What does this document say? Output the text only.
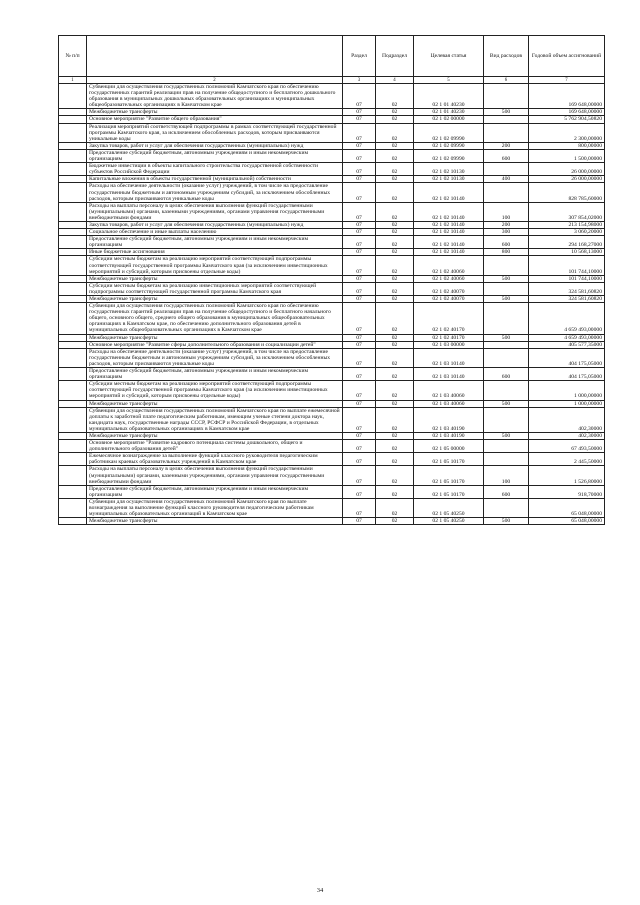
№ п/п		Раздел	Подраздел	Целевая статья	Вид расходов	Годовой объем ассигнований
1	2	3	4	5	6	7
	Субвенции для осуществления государственных полномочий Камчатского края по обеспечению государственных гарантий реализации прав на получение общедоступного и бесплатного дошкольного образования в муниципальных дошкольных образовательных организациях и муниципальных общеобразовательных организациях в Камчатском крае	07	02	02 1 01 40230		169 648,00000
	Межбюджетные трансферты	07	02	02 1 01 40230	500	169 648,00000
	Основное мероприятие "Развитие общего образования"	07	02	02 1 02 00000		5 762 904,50820
	Реализация мероприятий соответствующей подпрограммы в рамках соответствующей государственной программы Камчатского края, за исключением обособленных расходов, которым присваиваются уникальные коды	07	02	02 1 02 09990		2 300,00000
	Закупка товаров, работ и услуг для обеспечения государственных (муниципальных) нужд	07	02	02 1 02 09990	200	800,00000
	Предоставление субсидий бюджетным, автономным учреждениям и иным некоммерческим организациям	07	02	02 1 02 09990	600	1 500,00000
	Бюджетные инвестиции в объекты капитального строительства государственной собственности субъектов Российской Федерации	07	02	02 1 02 10130		26 000,00000
	Капитальные вложения в объекты государственной (муниципальной) собственности	07	02	02 1 02 10130	400	26 000,00000
	Расходы на обеспечение деятельности (оказание услуг) учреждений, в том числе на предоставление государственным бюджетным и автономным учреждениям субсидий, за исключением обособленных расходов, которым присваиваются уникальные коды	07	02	02 1 02 10140		828 785,60000
	Расходы на выплаты персоналу в целях обеспечения выполнения функций государственными (муниципальными) органами, казенными учреждениями, органами управления государственными внебюджетными фондами	07	02	02 1 02 10140	100	307 854,02000
	Закупка товаров, работ и услуг для обеспечения государственных (муниципальных) нужд	07	02	02 1 02 10140	200	213 154,98000
	Социальное обеспечение и иные выплаты населению	07	02	02 1 02 10140	300	3 060,20000
	Предоставление субсидий бюджетным, автономным учреждениям и иным некоммерческим организациям	07	02	02 1 02 10140	600	294 168,27000
	Иные бюджетные ассигнования	07	02	02 1 02 10140	800	10 568,13000
	Субсидии местным бюджетам на реализацию мероприятий соответствующей подпрограммы соответствующей государственной программы Камчатского края (за исключением инвестиционных мероприятий и субсидий, которым присвоены отдельные коды)	07	02	02 1 02 40060		101 744,10000
	Межбюджетные трансферты	07	02	02 1 02 40060	500	101 744,10000
	Субсидии местным бюджетам на реализацию инвестиционных мероприятий соответствующей подпрограммы соответствующей государственной программы Камчатского края	07	02	02 1 02 40070		324 581,60820
	Межбюджетные трансферты	07	02	02 1 02 40070	500	324 581,60820
	Субвенции для осуществления государственных полномочий Камчатского края по обеспечению государственных гарантий реализации прав на получение общедоступного и бесплатного начального общего, основного общего, среднего общего образования в муниципальных общеобразовательных организациях в Камчатском крае, по обеспечению дополнительного образования детей в муниципальных общеобразовательных организациях в Камчатском крае	07	02	02 1 02 40170		4 659 493,00000
	Межбюджетные трансферты	07	02	02 1 02 40170	500	4 659 493,00000
	Основное мероприятие "Развитие сферы дополнительного образования и социализации детей"	07	02	02 1 03 00000		405 577,35000
	Расходы на обеспечение деятельности (оказание услуг) учреждений, в том числе на предоставление государственным бюджетным и автономным учреждениям субсидий, за исключением обособленных расходов, которым присваиваются уникальные коды	07	02	02 1 03 10140		404 175,05000
	Предоставление субсидий бюджетным, автономным учреждениям и иным некоммерческим организациям	07	02	02 1 03 10140	600	404 175,05000
	Субсидии местным бюджетам на реализацию мероприятий соответствующей подпрограммы соответствующей государственной программы Камчатского края (за исключением инвестиционных мероприятий и субсидий, которым присвоены отдельные коды)	07	02	02 1 03 40060		1 000,00000
	Межбюджетные трансферты	07	02	02 1 03 40060	500	1 000,00000
	Субвенции для осуществления государственных полномочий Камчатского края по выплате ежемесячной доплаты к заработной плате педагогическим работникам, имеющим ученые степени доктора наук, кандидата наук, государственные награды СССР, РСФСР и Российской Федерации, в отдельных муниципальных образовательных организациях в Камчатском крае	07	02	02 1 03 40190		402,30000
	Межбюджетные трансферты	07	02	02 1 03 40190	500	402,30000
	Основное мероприятие "Развитие кадрового потенциала системы дошкольного, общего и дополнительного образования детей"	07	02	02 1 05 00000		67 493,50000
	Ежемесячное вознаграждение за выполнение функций классного руководителя педагогическим работникам краевых образовательных учреждений в Камчатском крае	07	02	02 1 05 10170		2 445,50000
	Расходы на выплаты персоналу в целях обеспечения выполнения функций государственными (муниципальными) органами, казенными учреждениями, органами управления государственными внебюджетными фондами	07	02	02 1 05 10170	100	1 526,80000
	Предоставление субсидий бюджетным, автономным учреждениям и иным некоммерческим организациям	07	02	02 1 05 10170	600	918,70000
	Субвенции для осуществления государственных полномочий Камчатского края по выплате вознаграждения за выполнение функций классного руководителя педагогическим работникам муниципальных образовательных организаций в Камчатском крае	07	02	02 1 05 40250		65 048,00000
	Межбюджетные трансферты	07	02	02 1 05 40250	500	65 048,00000
34
